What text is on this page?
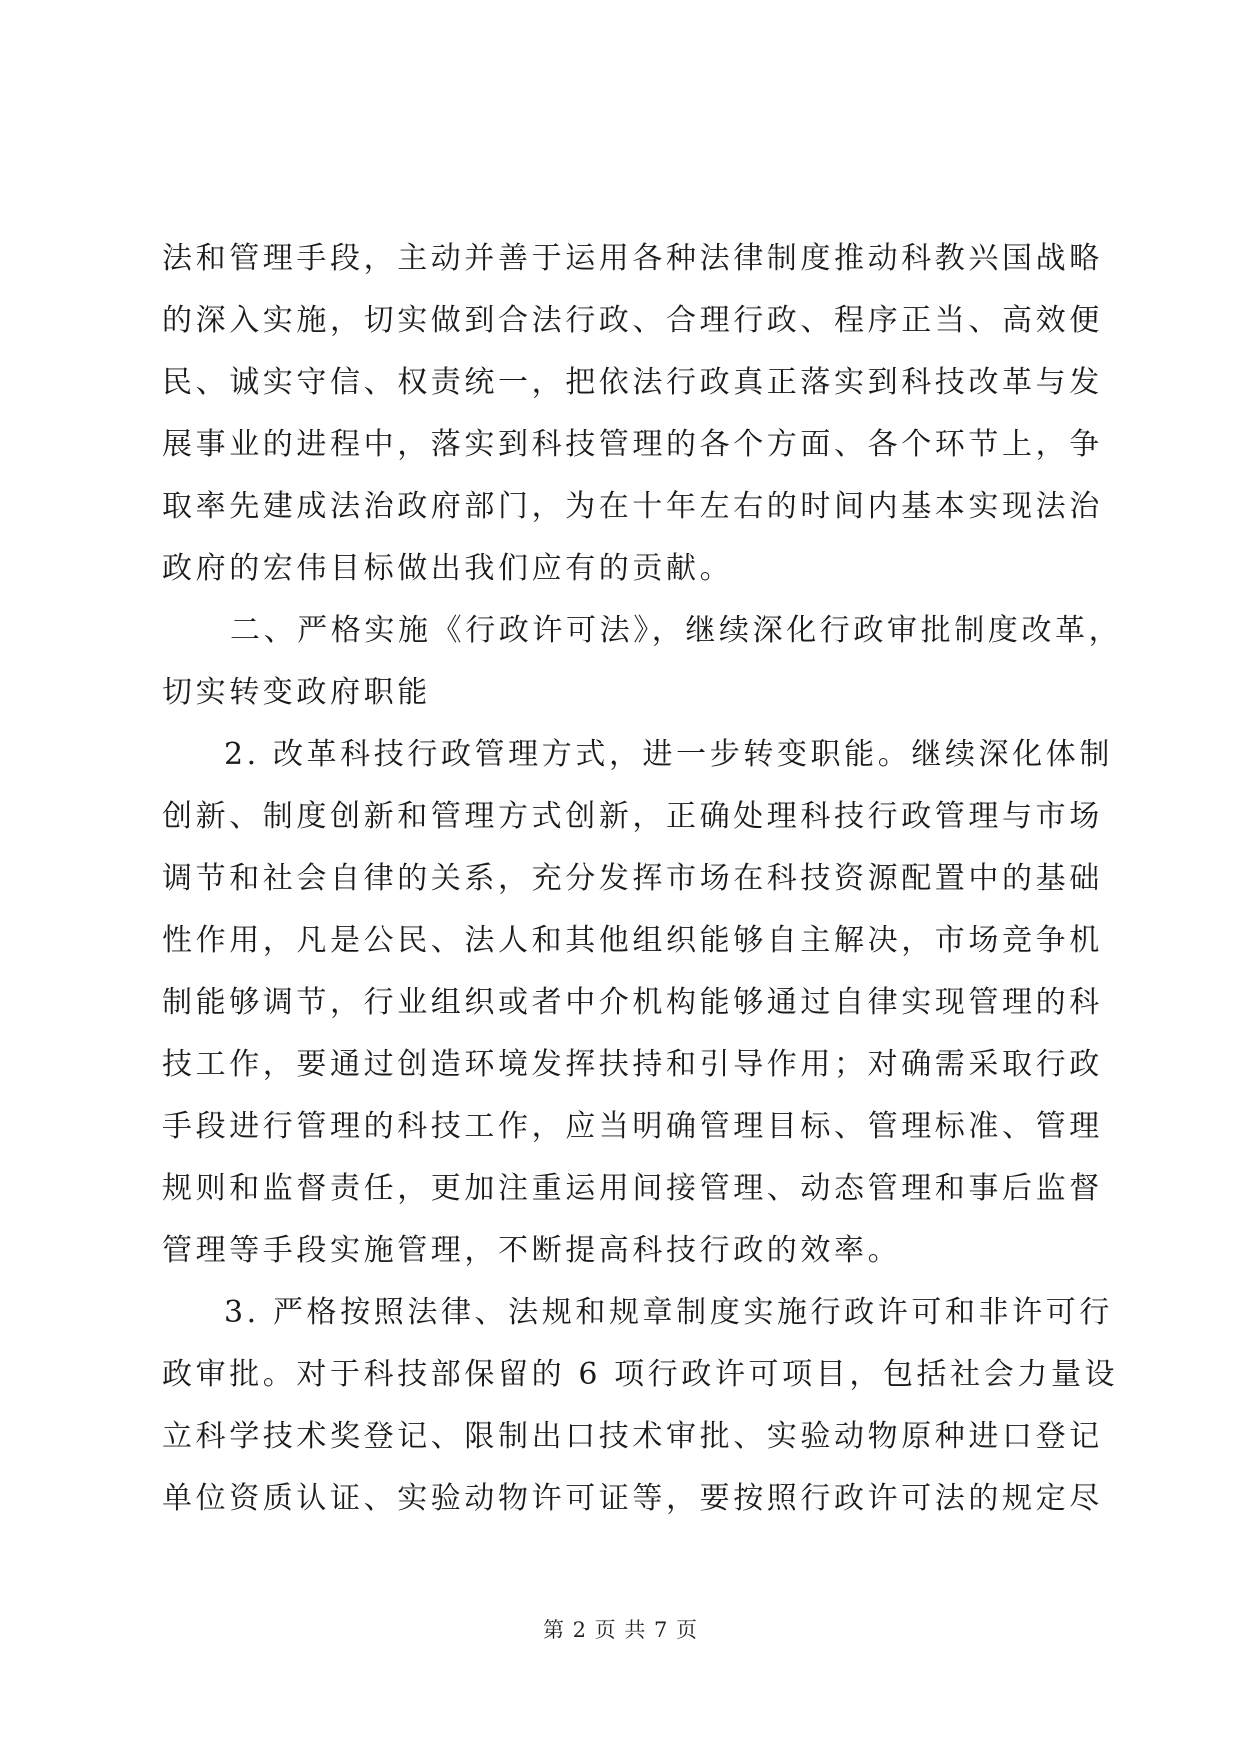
法和管理手段，主动并善于运用各种法律制度推动科教兴国战略
的深入实施，切实做到合法行政、合理行政、程序正当、高效便
民、诚实守信、权责统一，把依法行政真正落实到科技改革与发
展事业的进程中，落实到科技管理的各个方面、各个环节上，争
取率先建成法治政府部门，为在十年左右的时间内基本实现法治
政府的宏伟目标做出我们应有的贡献。
二、严格实施《行政许可法》，继续深化行政审批制度改革，
切实转变政府职能
2. 改革科技行政管理方式，进一步转变职能。继续深化体制
创新、制度创新和管理方式创新，正确处理科技行政管理与市场
调节和社会自律的关系，充分发挥市场在科技资源配置中的基础
性作用，凡是公民、法人和其他组织能够自主解决，市场竞争机
制能够调节，行业组织或者中介机构能够通过自律实现管理的科
技工作，要通过创造环境发挥扶持和引导作用；对确需采取行政
手段进行管理的科技工作，应当明确管理目标、管理标准、管理
规则和监督责任，更加注重运用间接管理、动态管理和事后监督
管理等手段实施管理，不断提高科技行政的效率。
3. 严格按照法律、法规和规章制度实施行政许可和非许可行
政审批。对于科技部保留的 6 项行政许可项目，包括社会力量设
立科学技术奖登记、限制出口技术审批、实验动物原种进口登记
单位资质认证、实验动物许可证等，要按照行政许可法的规定尽
第 2 页 共 7 页
